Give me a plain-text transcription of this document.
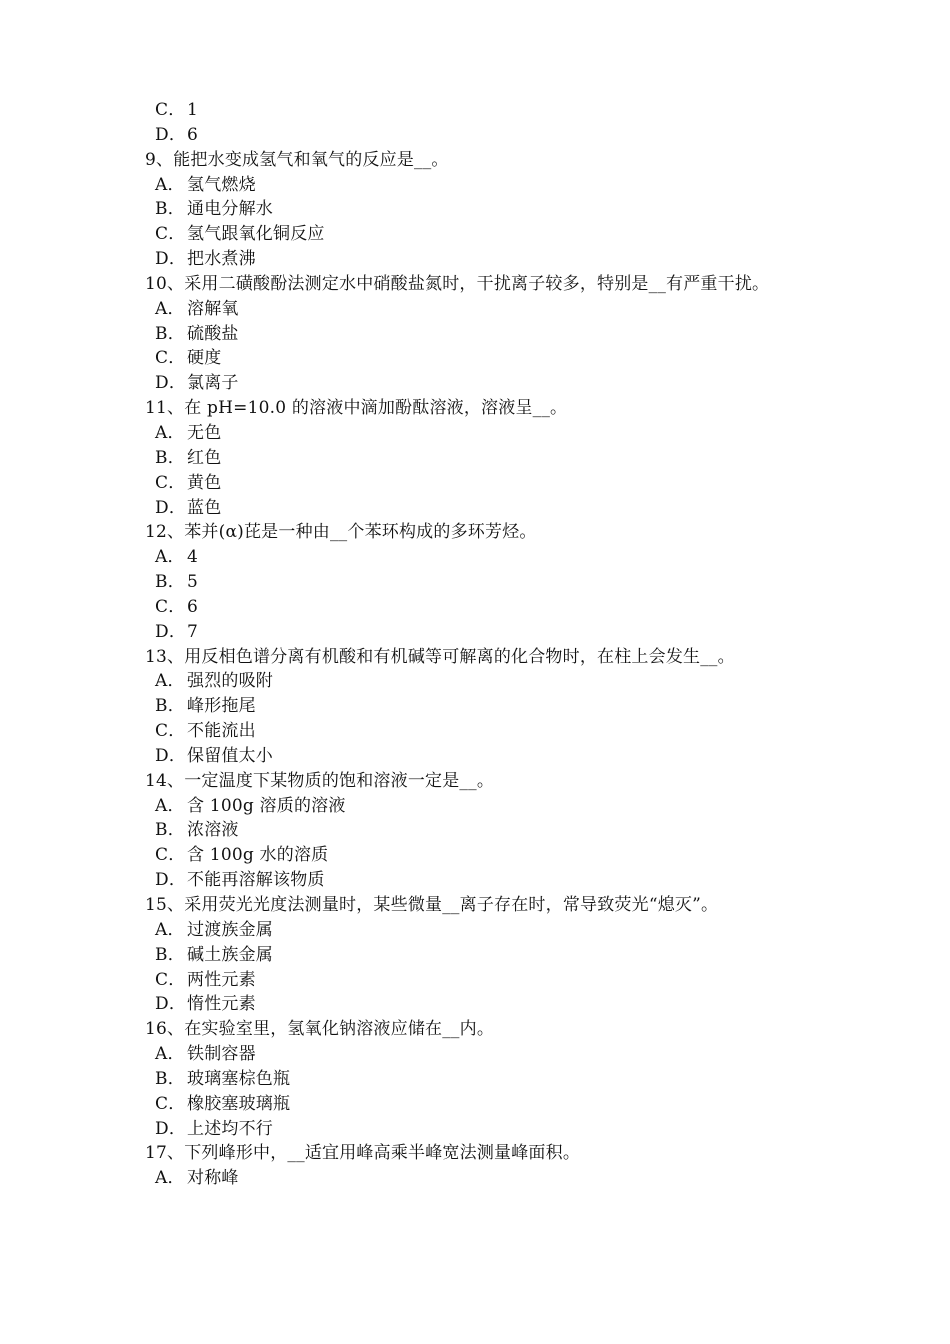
C．1
D．6
9、能把水变成氢气和氧气的反应是__。
A． 氢气燃烧
B． 通电分解水
C．氢气跟氧化铜反应
D．把水煮沸
10、采用二磺酸酚法测定水中硝酸盐氮时，干扰离子较多，特别是__有严重干扰。
A． 溶解氧
B． 硫酸盐
C．硬度
D．氯离子
11、在 pH=10.0 的溶液中滴加酚酞溶液，溶液呈__。
A． 无色
B． 红色
C．黄色
D．蓝色
12、苯并(α)芘是一种由__个苯环构成的多环芳烃。
A． 4
B． 5
C．6
D．7
13、用反相色谱分离有机酸和有机碱等可解离的化合物时，在柱上会发生__。
A． 强烈的吸附
B． 峰形拖尾
C．不能流出
D．保留值太小
14、一定温度下某物质的饱和溶液一定是__。
A． 含 100g 溶质的溶液
B． 浓溶液
C．含 100g 水的溶质
D．不能再溶解该物质
15、采用荧光光度法测量时，某些微量__离子存在时，常导致荧光“熄灭”。
A． 过渡族金属
B． 碱土族金属
C．两性元素
D．惰性元素
16、在实验室里，氢氧化钠溶液应储在__内。
A． 铁制容器
B． 玻璃塞棕色瓶
C．橡胶塞玻璃瓶
D．上述均不行
17、下列峰形中，__适宜用峰高乘半峰宽法测量峰面积。
A． 对称峰
